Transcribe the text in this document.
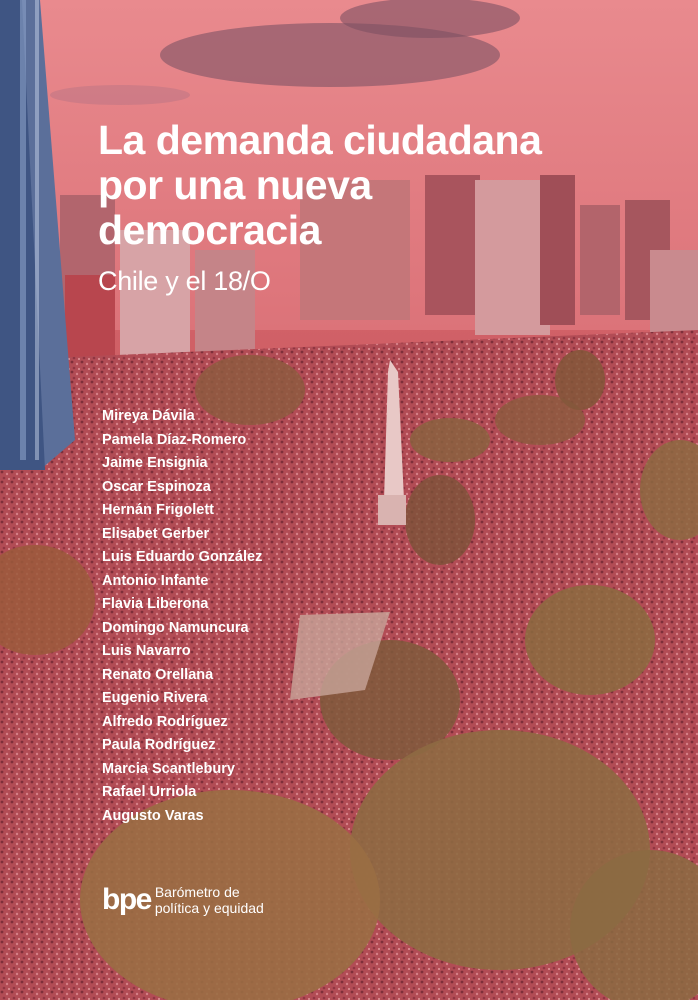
La demanda ciudadana
por una nueva
democracia

Chile y el 18/O

Mireya Dávila
Pamela Díaz-Romero
Jaime Ensignia
Oscar Espinoza
Hernán Frigolett
Elisabet Gerber
Luis Eduardo González
Antonio Infante
Flavia Liberona
Domingo Namuncura
Luis Navarro
Renato Orellana
Eugenio Rivera
Alfredo Rodríguez
Paula Rodríguez
Marcia Scantlebury
Rafael Urriola
Augusto Varas
bpe Barómetro de
política y equidad
